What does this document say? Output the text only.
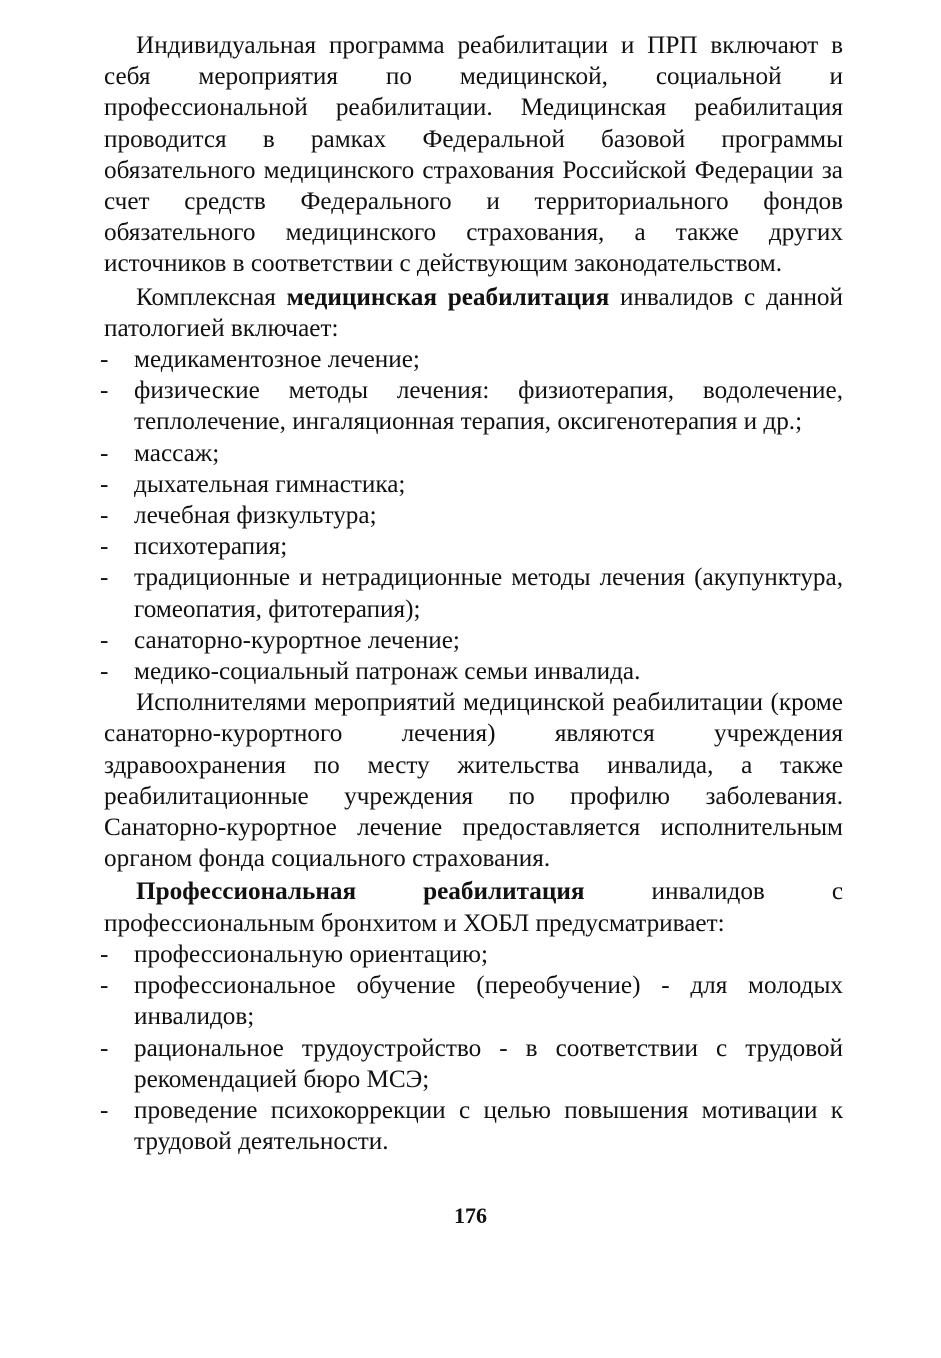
Индивидуальная программа реабилитации и ПРП включают в себя мероприятия по медицинской, социальной и профессиональной реабилитации. Медицинская реабилитация проводится в рамках Федеральной базовой программы обязательного медицинского страхования Российской Федерации за счет средств Федерального и территориального фондов обязательного медицинского страхования, а также других источников в соответствии с действующим законодательством.

Комплексная медицинская реабилитация инвалидов с данной патологией включает:

- медикаментозное лечение;
- физические методы лечения: физиотерапия, водолечение, теплолечение, ингаляционная терапия, оксигенотерапия и др.;
- массаж;
- дыхательная гимнастика;
- лечебная физкультура;
- психотерапия;
- традиционные и нетрадиционные методы лечения (акупунктура, гомеопатия, фитотерапия);
- санаторно-курортное лечение;
- медико-социальный патронаж семьи инвалида.

Исполнителями мероприятий медицинской реабилитации (кроме санаторно-курортного лечения) являются учреждения здравоохранения по месту жительства инвалида, а также реабилитационные учреждения по профилю заболевания. Санаторно-курортное лечение предоставляется исполнительным органом фонда социального страхования.

Профессиональная реабилитация инвалидов с профессиональным бронхитом и ХОБЛ предусматривает:

- профессиональную ориентацию;
- профессиональное обучение (переобучение) - для молодых инвалидов;
- рациональное трудоустройство - в соответствии с трудовой рекомендацией бюро МСЭ;
- проведение психокоррекции с целью повышения мотивации к трудовой деятельности.
176
